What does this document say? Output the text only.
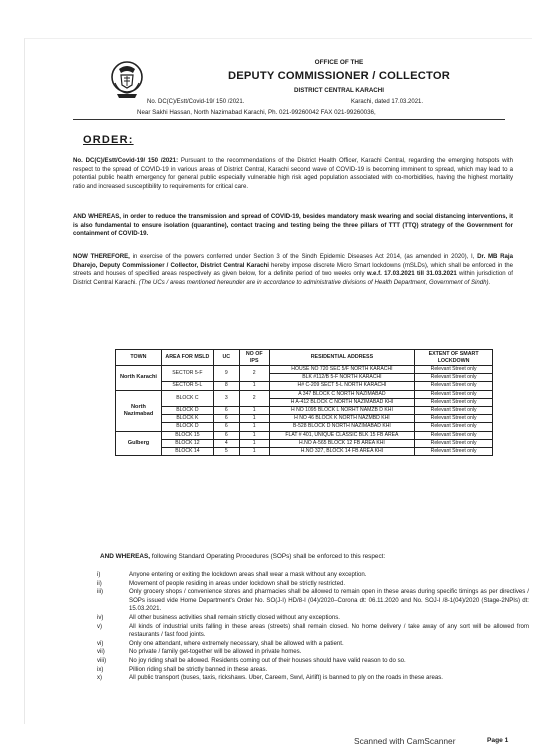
OFFICE OF THE
DEPUTY COMMISSIONER / COLLECTOR
DISTRICT CENTRAL KARACHI
No. DC(C)/Estt/Covid-19/ 150 /2021.	Karachi, dated 17.03.2021.
Near Sakhi Hassan, North Nazimabad Karachi, Ph. 021-99260042 FAX 021-99260036,
ORDER:
No. DC(C)/Estt/Covid-19/ 150 /2021: Pursuant to the recommendations of the District Health Officer, Karachi Central, regarding the emerging hotspots with respect to the spread of COVID-19 in various areas of District Central, Karachi second wave of COVID-19 is becoming imminent to spread, which may lead to a potential public health emergency for general public especially vulnerable high risk aged population associated with co-morbidities, having the highest mortality ratio and increased susceptibility to requirements for critical care.
AND WHEREAS, in order to reduce the transmission and spread of COVID-19, besides mandatory mask wearing and social distancing interventions, it is also fundamental to ensure isolation (quarantine), contact tracing and testing being the three pillars of TTT (TTQ) strategy of the Government for containment of COVID-19.
NOW THEREFORE, in exercise of the powers conferred under Section 3 of the Sindh Epidemic Diseases Act 2014, (as amended in 2020), I, Dr. MB Raja Dharejo, Deputy Commissioner / Collector, District Central Karachi hereby impose discrete Micro Smart lockdowns (mSLDs), which shall be enforced in the streets and houses of specified areas respectively as given below, for a definite period of two weeks only w.e.f. 17.03.2021 till 31.03.2021 within jurisdiction of District Central Karachi. (The UCs / areas mentioned hereunder are in accordance to administrative divisions of Health Department, Government of Sindh).
TOWN	AREA FOR MSLD	UC	NO OF IPS	RESIDENTIAL ADDRESS	EXTENT OF SMART LOCKDOWN
North Karachi	SECTOR 5-F	9	2	HOUSE NO 720 SEC 5/F NORTH KARACHI	Relevant Street only
				BLK #112/B 5-F NORTH KARACHI	Relevant Street only
	SECTOR 5-L	8	1	H# C-209 SECT 5-L NORTH KARACHI	Relevant Street only
North Nazimabad	BLOCK C	3	2	A 347 BLOCK C NORTH NAZIMABAD	Relevant Street only
				H A-412 BLOCK C NORTH NAZIMABAD KHI	Relevant Street only
	BLOCK D	6	1	H NO 1095 BLOCK L NORHT NAMZB D KHI	Relevant Street only
	BLOCK K	6	1	H NO 46 BLOCK K NORTH NAZMBD KHI	Relevant Street only
	BLOCK D	6	1	B-528 BLOCK D NORTH NAZIMABAD KHI	Relevant Street only
Gulberg	BLOCK 15	6	1	FLAT # 401, UNIQUE CLASSIC BLK 15 FB AREA	Relevant Street only
	BLOCK 12	4	1	H.NO A-565 BLOCK 12 FB AREA KHI	Relevant Street only
	BLOCK 14	5	1	H.NO 327, BLOCK 14 FB AREA KHI	Relevant Street only
AND WHEREAS, following Standard Operating Procedures (SOPs) shall be enforced to this respect:
i)	Anyone entering or exiting the lockdown areas shall wear a mask without any exception.
ii)	Movement of people residing in areas under lockdown shall be strictly restricted.
iii)	Only grocery shops / convenience stores and pharmacies shall be allowed to remain open in these areas during specific timings as per directives / SOPs issued vide Home Department's Order No. SO(J-I) HD/8-I (04)/2020–Corona dt: 06.11.2020 and No. SOJ-I /8-1(04)/2020 (Stage-2NPIs) dt: 15.03.2021.
iv)	All other business activities shall remain strictly closed without any exceptions.
v)	All kinds of industrial units falling in these areas (streets) shall remain closed. No home delivery / take away of any sort will be allowed from restaurants / fast food joints.
vi)	Only one attendant, where extremely necessary, shall be allowed with a patient.
vii)	No private / family get-together will be allowed in private homes.
viii)	No joy riding shall be allowed. Residents coming out of their houses should have valid reason to do so.
ix)	Pillion riding shall be strictly banned in these areas.
x)	All public transport (buses, taxis, rickshaws. Uber, Careem, Swvl, Airlift) is banned to ply on the roads in these areas.
Page 1
Scanned with CamScanner
